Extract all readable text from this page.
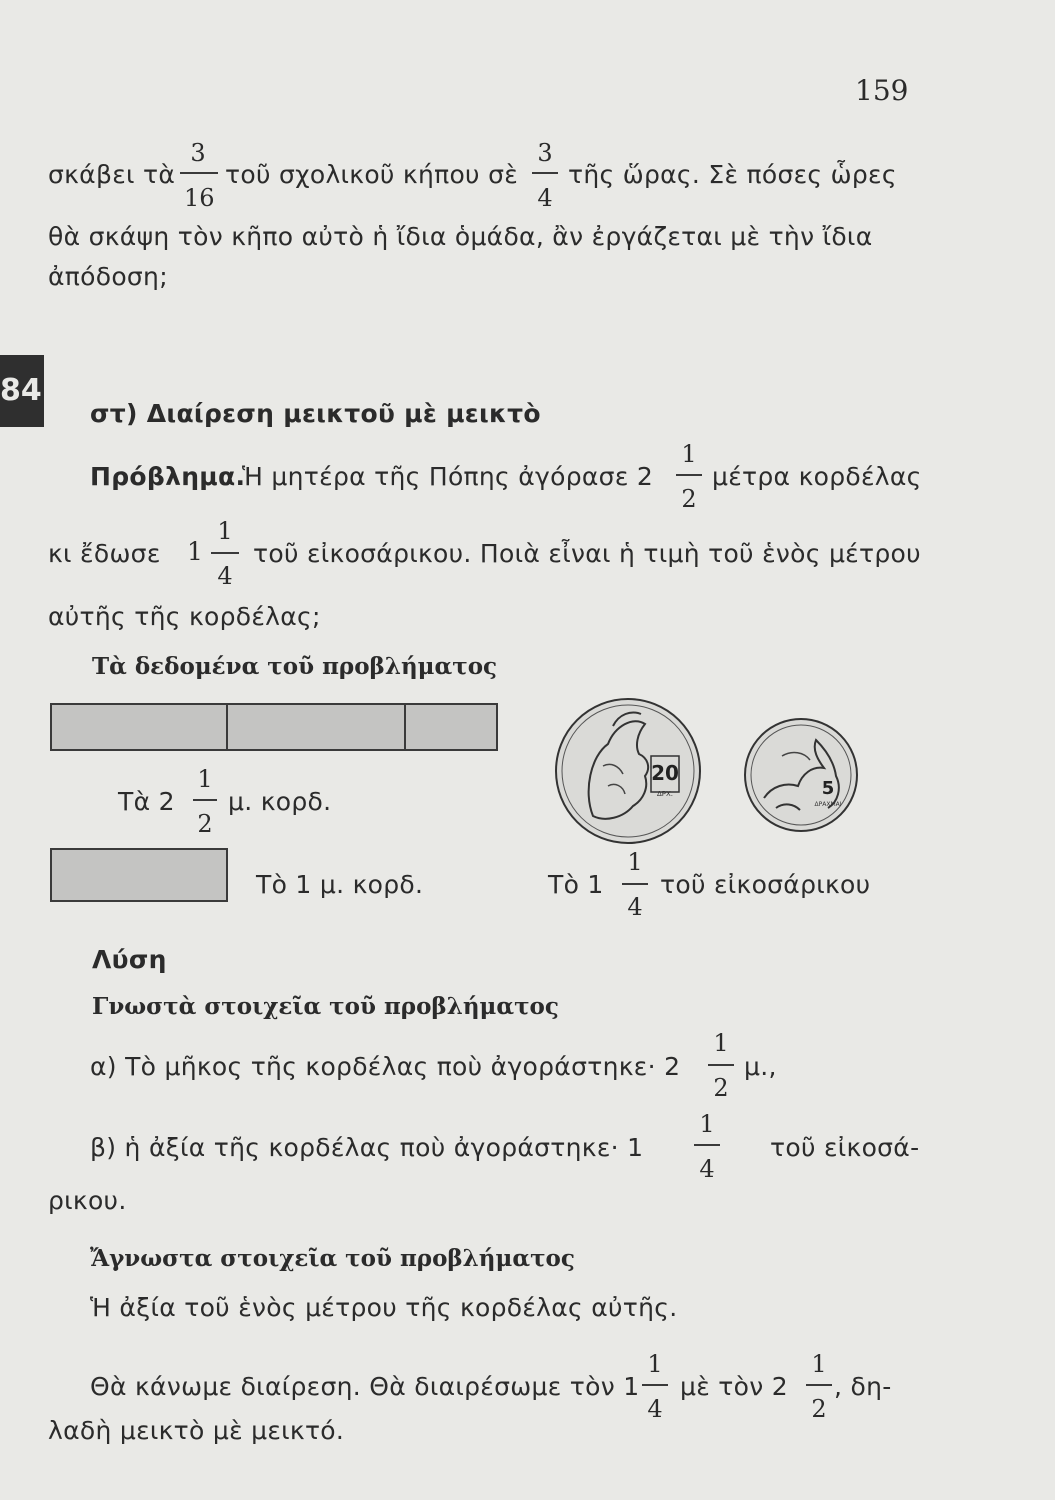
159
σκάβει τὰ
3
16
τοῦ σχολικοῦ κήπου σὲ
3
4
τῆς ὥρας. Σὲ πόσες ὧρες
θὰ σκάψη τὸν κῆπο αὐτὸ ἡ ἴδια ὁμάδα, ἂν ἐργάζεται μὲ τὴν ἴδια
ἀπόδοση;
84
στ) Διαίρεση μεικτοῦ μὲ μεικτὸ
Πρόβλημα.
Ἡ μητέρα τῆς Πόπης ἀγόρασε 2
1
2
μέτρα κορδέλας
κι ἔδωσε 1
1
4
τοῦ εἰκοσάρικου. Ποιὰ εἶναι ἡ τιμὴ τοῦ ἑνὸς μέτρου
αὐτῆς τῆς κορδέλας;
Τὰ δεδομένα τοῦ προβλήματος
Τὰ 2
1
2
μ. κορδ.
Τὸ 1 μ. κορδ.
20
ΔΡΧ.	5
ΔΡΑΧΜΑΙ
Τὸ 1
1
4
τοῦ εἰκοσάρικου
Λύση
Γνωστὰ στοιχεῖα τοῦ προβλήματος
α) Τὸ μῆκος τῆς κορδέλας ποὺ ἀγοράστηκε· 2
1
2
μ.,
β) ἡ ἀξία τῆς κορδέλας ποὺ ἀγοράστηκε· 1
1
4
τοῦ εἰκοσά-
ρικου.
Ἄγνωστα στοιχεῖα τοῦ προβλήματος
Ἡ ἀξία τοῦ ἑνὸς μέτρου τῆς κορδέλας αὐτῆς.
Θὰ κάνωμε διαίρεση. Θὰ διαιρέσωμε τὸν 1
1
4
μὲ τὸν 2
1
2
, δη-
λαδὴ μεικτὸ μὲ μεικτό.
